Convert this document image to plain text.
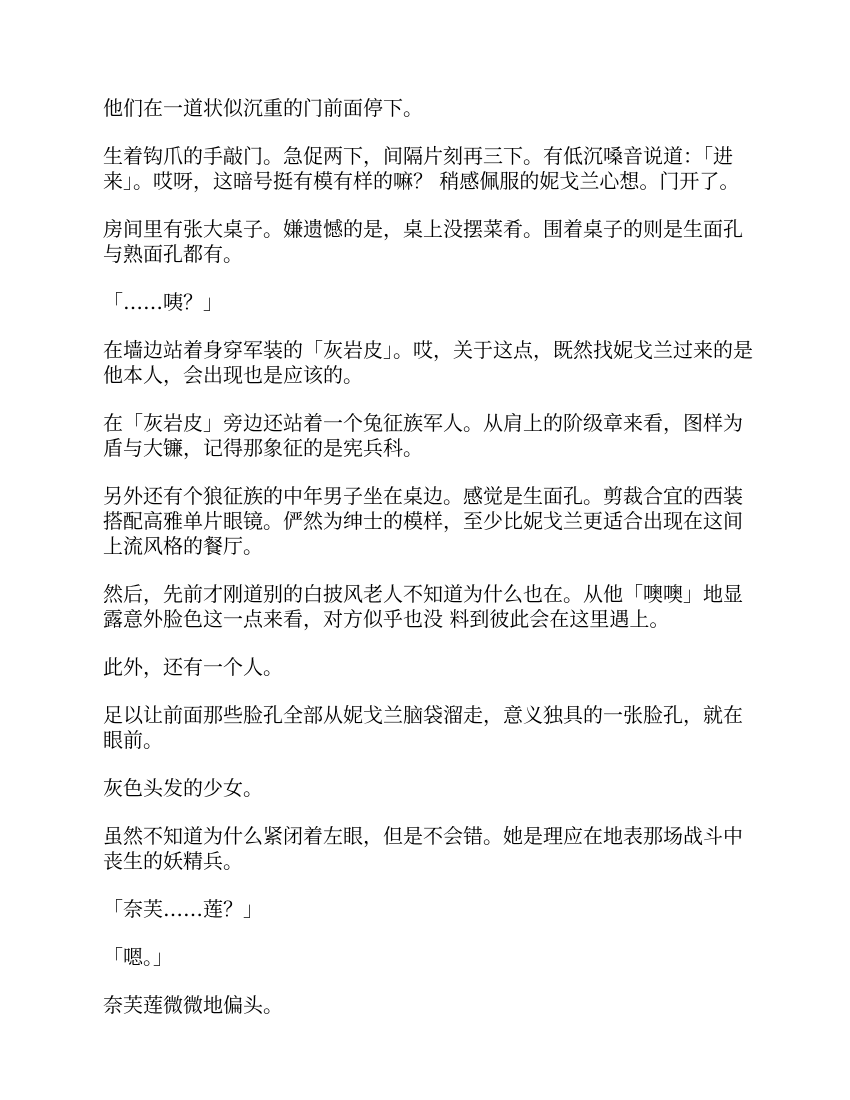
他们在一道状似沉重的门前面停下。

生着钩爪的手敲门。急促两下，间隔片刻再三下。有低沉嗓音说道：「进来」。哎呀，这暗号挺有模有样的嘛？ 稍感佩服的妮戈兰心想。门开了。

房间里有张大桌子。嫌遗憾的是，桌上没摆菜肴。围着桌子的则是生面孔与熟面孔都有。

「……咦？」

在墙边站着身穿军装的「灰岩皮」。哎，关于这点，既然找妮戈兰过来的是他本人，会出现也是应该的。

在「灰岩皮」旁边还站着一个兔征族军人。从肩上的阶级章来看，图样为盾与大镰，记得那象征的是宪兵科。

另外还有个狼征族的中年男子坐在桌边。感觉是生面孔。剪裁合宜的西装搭配高雅单片眼镜。俨然为绅士的模样，至少比妮戈兰更适合出现在这间上流风格的餐厅。

然后，先前才刚道别的白披风老人不知道为什么也在。从他「噢噢」地显露意外脸色这一点来看，对方似乎也没 料到彼此会在这里遇上。

此外，还有一个人。

足以让前面那些脸孔全部从妮戈兰脑袋溜走，意义独具的一张脸孔，就在眼前。

灰色头发的少女。

虽然不知道为什么紧闭着左眼，但是不会错。她是理应在地表那场战斗中丧生的妖精兵。

「奈芙……莲？」

「嗯。」

奈芙莲微微地偏头。
